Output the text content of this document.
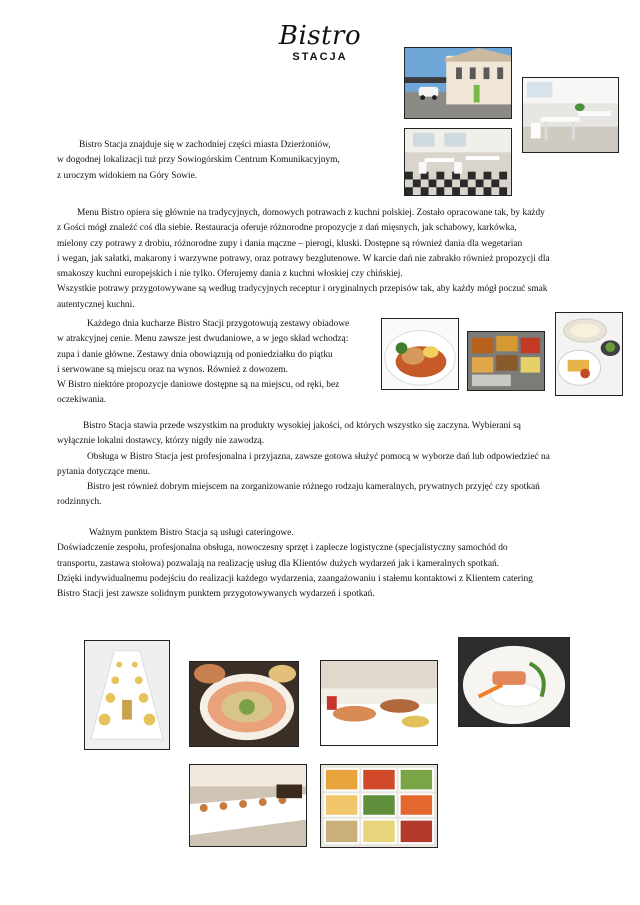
Bistro
STACJA

Bistro Stacja znajduje się w zachodniej części miasta Dzierżoniów,

w dogodnej lokalizacji tuż przy Sowiogórskim Centrum Komunikacyjnym,

z uroczym widokiem na Góry Sowie.

Menu Bistro opiera się głównie na tradycyjnych, domowych potrawach z kuchni polskiej. Zostało opracowane tak, by każdy

z Gości mógł znaleźć coś dla siebie. Restauracja oferuje różnorodne propozycje z dań mięsnych, jak schabowy, karkówka,

mielony czy potrawy z drobiu, różnorodne zupy i dania mączne – pierogi, kluski. Dostępne są również dania dla wegetarian

i wegan, jak sałatki, makarony i warzywne potrawy, oraz potrawy bezglutenowe. W karcie dań nie zabrakło również propozycji dla

smakoszy kuchni europejskich i nie tylko. Oferujemy dania z kuchni włoskiej czy chińskiej.

Wszystkie potrawy przygotowywane są według tradycyjnych receptur i oryginalnych przepisów tak, aby każdy mógł poczuć smak

autentycznej kuchni.

Każdego dnia kucharze Bistro Stacji przygotowują zestawy obiadowe

w atrakcyjnej cenie. Menu zawsze jest dwudaniowe, a w jego skład wchodzą:

zupa i danie główne. Zestawy dnia obowiązują od poniedziałku do piątku

i serwowane są miejscu oraz na wynos. Również z dowozem.

W Bistro niektóre propozycje daniowe dostępne są na miejscu, od ręki, bez

oczekiwania.

Bistro Stacja stawia przede wszystkim na produkty wysokiej jakości, od których wszystko się zaczyna. Wybierani są

wyłącznie lokalni dostawcy, którzy nigdy nie zawodzą.

Obsługa w Bistro Stacja jest profesjonalna i przyjazna, zawsze gotowa służyć pomocą w wyborze dań lub odpowiedzieć na

pytania dotyczące menu.

Bistro jest również dobrym miejscem na zorganizowanie różnego rodzaju kameralnych, prywatnych przyjęć czy spotkań

rodzinnych.

Ważnym punktem Bistro Stacja są usługi cateringowe.

Doświadczenie zespołu, profesjonalna obsługa, nowoczesny sprzęt i zaplecze logistyczne (specjalistyczny samochód do

transportu, zastawa stołowa) pozwalają na realizację usług dla Klientów dużych wydarzeń jak i kameralnych spotkań.

Dzięki indywidualnemu podejściu do realizacji każdego wydarzenia, zaangażowaniu i stałemu kontaktowi z Klientem catering

Bistro Stacji jest zawsze solidnym punktem przygotowywanych wydarzeń i spotkań.
